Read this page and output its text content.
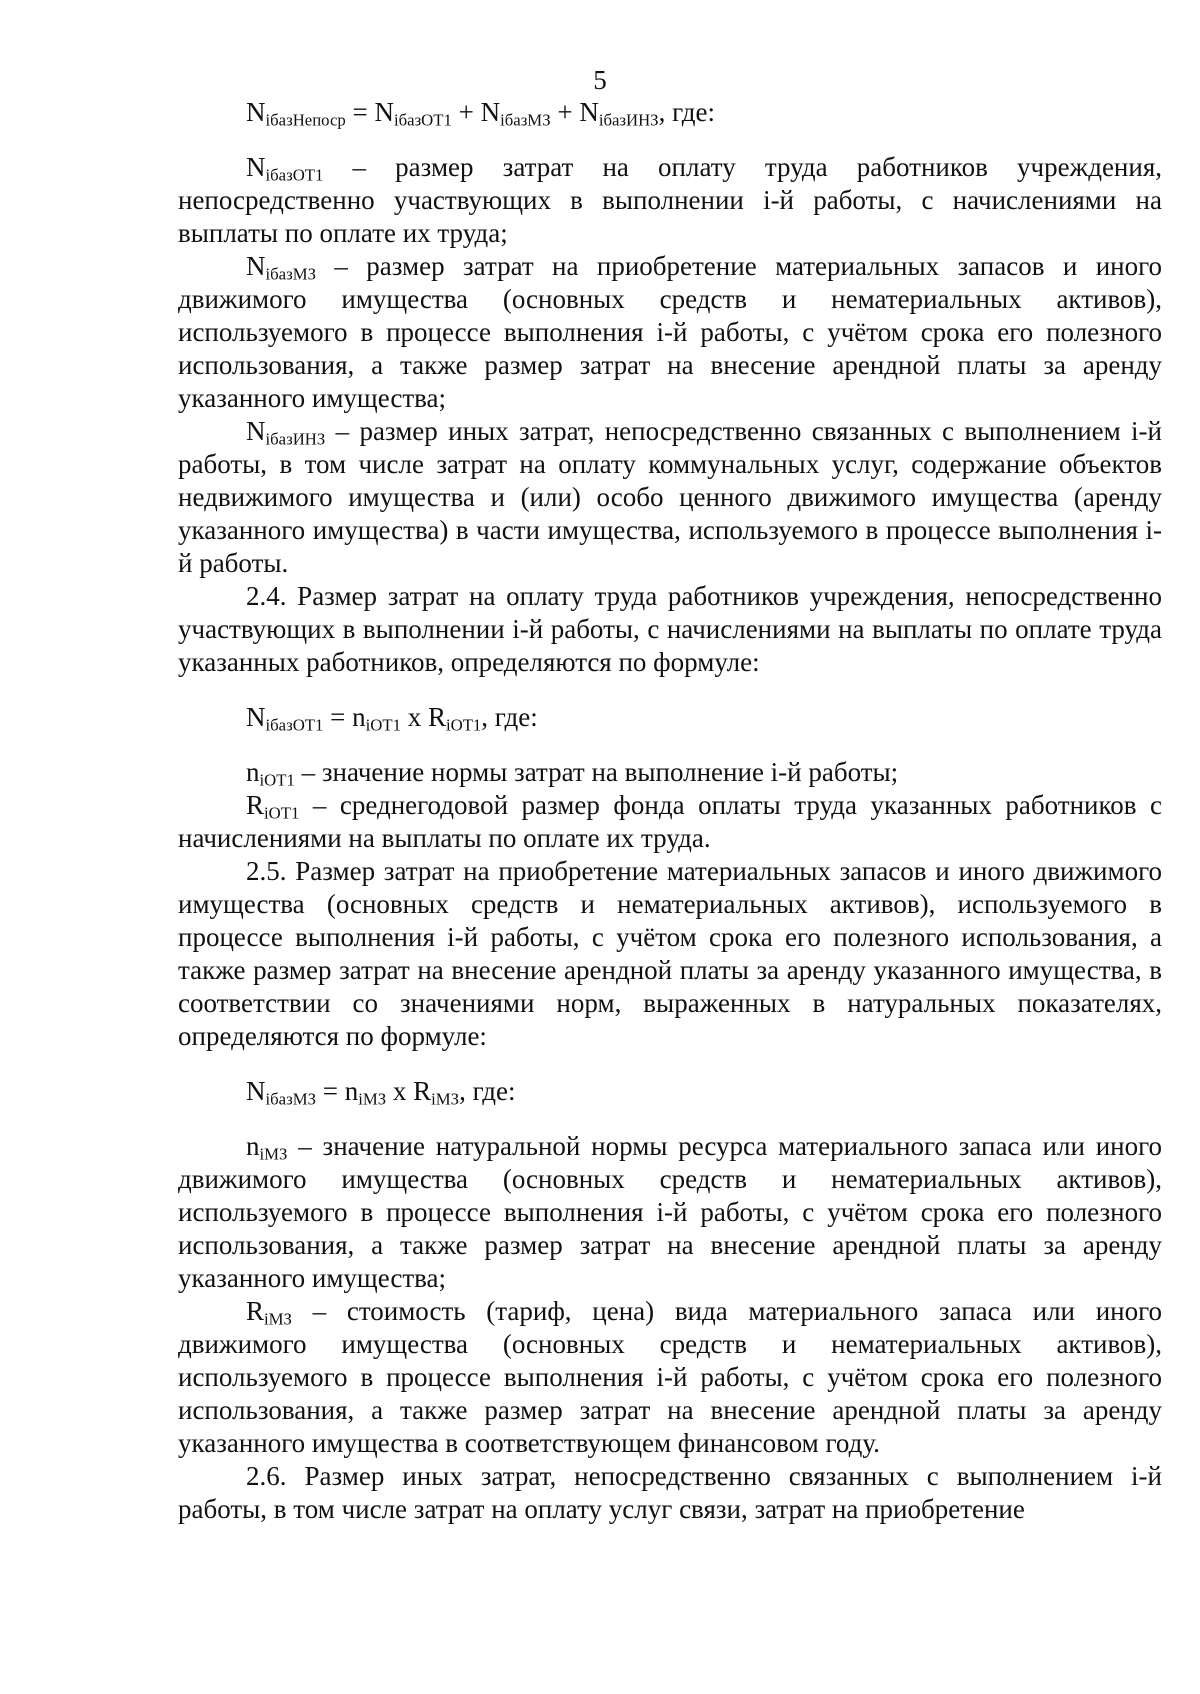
5

$N_{iбазНепоср} = N_{iбазОТ1} + N_{iбазМЗ} + N_{iбазИНЗ}$, где:

$N_{iбазОТ1}$ – размер затрат на оплату труда работников учреждения, непосредственно участвующих в выполнении i-й работы, с начислениями на выплаты по оплате их труда;

$N_{iбазМЗ}$ – размер затрат на приобретение материальных запасов и иного движимого имущества (основных средств и нематериальных активов), используемого в процессе выполнения i-й работы, с учётом срока его полезного использования, а также размер затрат на внесение арендной платы за аренду указанного имущества;

$N_{iбазИНЗ}$ – размер иных затрат, непосредственно связанных с выполнением i-й работы, в том числе затрат на оплату коммунальных услуг, содержание объектов недвижимого имущества и (или) особо ценного движимого имущества (аренду указанного имущества) в части имущества, используемого в процессе выполнения i-й работы.

2.4. Размер затрат на оплату труда работников учреждения, непосредственно участвующих в выполнении i-й работы, с начислениями на выплаты по оплате труда указанных работников, определяются по формуле:

$N_{iбазОТ1} = n_{iОТ1}$ x $R_{iОТ1}$, где:

$n_{iОТ1}$ – значение нормы затрат на выполнение i-й работы;

$R_{iОТ1}$ – среднегодовой размер фонда оплаты труда указанных работников с начислениями на выплаты по оплате их труда.

2.5. Размер затрат на приобретение материальных запасов и иного движимого имущества (основных средств и нематериальных активов), используемого в процессе выполнения i-й работы, с учётом срока его полезного использования, а также размер затрат на внесение арендной платы за аренду указанного имущества, в соответствии со значениями норм, выраженных в натуральных показателях, определяются по формуле:

$N_{iбазМЗ} = n_{iМЗ}$ x $R_{iМЗ}$, где:

$n_{iМЗ}$ – значение натуральной нормы ресурса материального запаса или иного движимого имущества (основных средств и нематериальных активов), используемого в процессе выполнения i-й работы, с учётом срока его полезного использования, а также размер затрат на внесение арендной платы за аренду указанного имущества;

$R_{iМЗ}$ – стоимость (тариф, цена) вида материального запаса или иного движимого имущества (основных средств и нематериальных активов), используемого в процессе выполнения i-й работы, с учётом срока его полезного использования, а также размер затрат на внесение арендной платы за аренду указанного имущества в соответствующем финансовом году.

2.6. Размер иных затрат, непосредственно связанных с выполнением i-й работы, в том числе затрат на оплату услуг связи, затрат на приобретение
